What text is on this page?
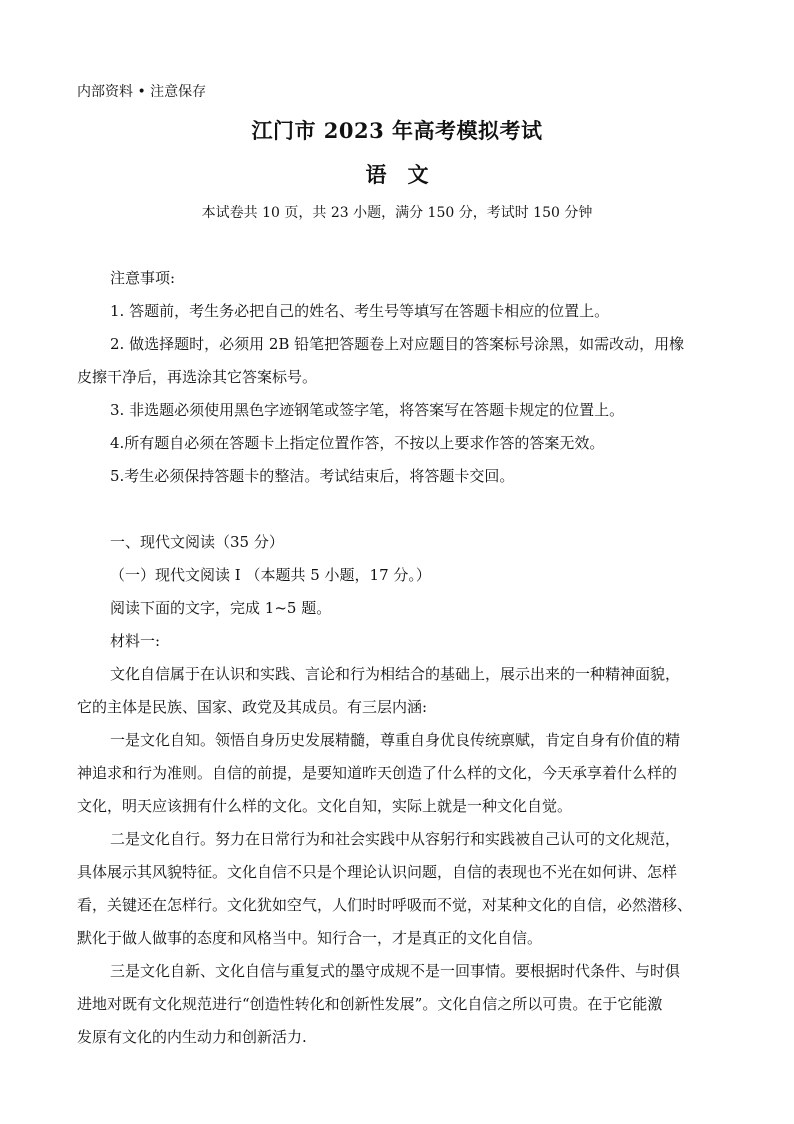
内部资料 • 注意保存
江门市 2023 年高考模拟考试
语　文
本试卷共 10 页，共 23 小题，满分 150 分，考试时 150 分钟
注意事项:
1. 答题前，考生务必把自己的姓名、考生号等填写在答题卡相应的位置上。
2. 做选择题时，必须用 2B 铅笔把答题卷上对应题目的答案标号涂黑，如需改动，用橡
皮擦干净后，再选涂其它答案标号。
3. 非选题必须使用黑色字迹钢笔或签字笔，将答案写在答题卡规定的位置上。
4.所有题自必须在答题卡上指定位置作答，不按以上要求作答的答案无效。
5.考生必须保持答题卡的整洁。考试结束后，将答题卡交回。
一、现代文阅读（35 分）
（一）现代文阅读 I （本题共 5 小题，17 分。）
阅读下面的文字，完成 1~5 题。
材料一:
文化自信属于在认识和实践、言论和行为相结合的基础上，展示出来的一种精神面貌，
它的主体是民族、国家、政党及其成员。有三层内涵:
一是文化自知。领悟自身历史发展精髓，尊重自身优良传统禀赋，肯定自身有价值的精
神追求和行为准则。自信的前提，是要知道昨天创造了什么样的文化，今天承享着什么样的
文化，明天应该拥有什么样的文化。文化自知，实际上就是一种文化自觉。
二是文化自行。努力在日常行为和社会实践中从容躬行和实践被自己认可的文化规范，
具体展示其风貌特征。文化自信不只是个理论认识问题，自信的表现也不光在如何讲、怎样
看，关键还在怎样行。文化犹如空气，人们时时呼吸而不觉，对某种文化的自信，必然潜移、
默化于做人做事的态度和风格当中。知行合一，才是真正的文化自信。
三是文化自新、文化自信与重复式的墨守成规不是一回事情。要根据时代条件、与时俱
进地对既有文化规范进行“创造性转化和创新性发展”。文化自信之所以可贵。在于它能激
发原有文化的内生动力和创新活力.
